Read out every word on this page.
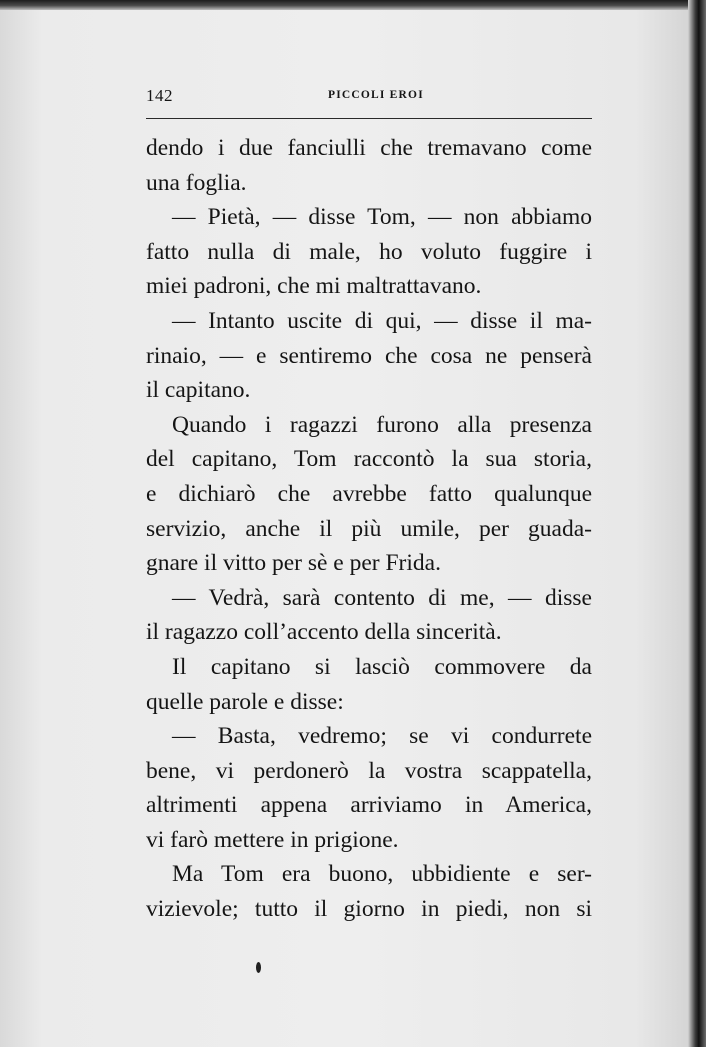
142	PICCOLI EROI
dendo i due fanciulli che tremavano come
una foglia.
— Pietà, — disse Tom, — non abbiamo
fatto nulla di male, ho voluto fuggire i
miei padroni, che mi maltrattavano.
— Intanto uscite di qui, — disse il ma-
rinaio, — e sentiremo che cosa ne penserà
il capitano.
Quando i ragazzi furono alla presenza
del capitano, Tom raccontò la sua storia,
e dichiarò che avrebbe fatto qualunque
servizio, anche il più umile, per guada-
gnare il vitto per sè e per Frida.
— Vedrà, sarà contento di me, — disse
il ragazzo coll’accento della sincerità.
Il capitano si lasciò commovere da
quelle parole e disse:
— Basta, vedremo; se vi condurrete
bene, vi perdonerò la vostra scappatella,
altrimenti appena arriviamo in America,
vi farò mettere in prigione.
Ma Tom era buono, ubbidiente e ser-
vizievole; tutto il giorno in piedi, non si
